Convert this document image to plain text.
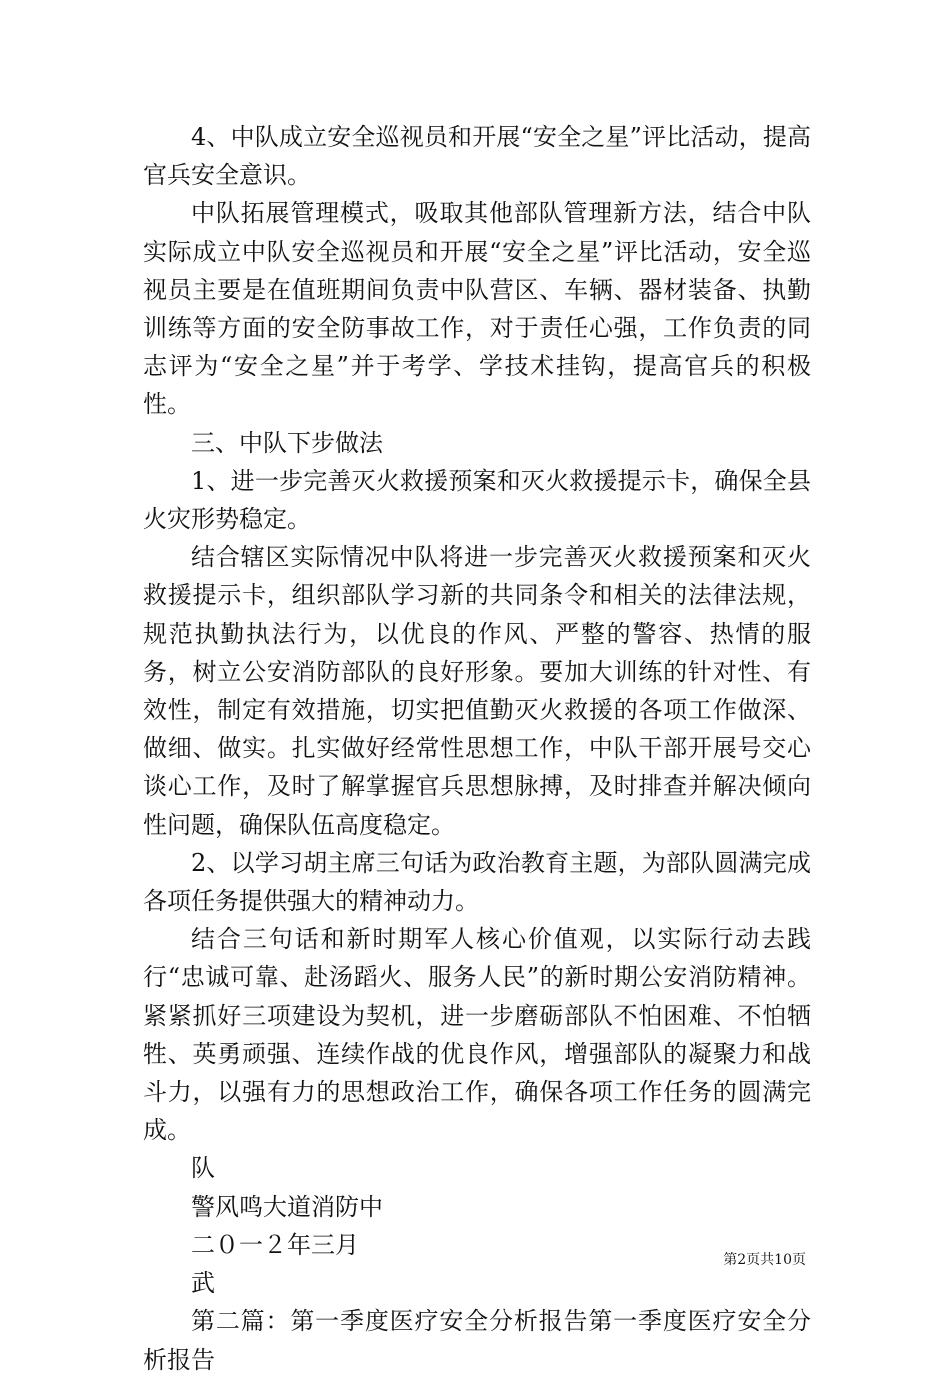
4、中队成立安全巡视员和开展“安全之星”评比活动，提高官兵安全意识。

中队拓展管理模式，吸取其他部队管理新方法，结合中队实际成立中队安全巡视员和开展“安全之星”评比活动，安全巡视员主要是在值班期间负责中队营区、车辆、器材装备、执勤训练等方面的安全防事故工作，对于责任心强，工作负责的同志评为“安全之星”并于考学、学技术挂钩，提高官兵的积极性。

三、中队下步做法

1、进一步完善灭火救援预案和灭火救援提示卡，确保全县火灾形势稳定。

结合辖区实际情况中队将进一步完善灭火救援预案和灭火救援提示卡，组织部队学习新的共同条令和相关的法律法规，规范执勤执法行为，以优良的作风、严整的警容、热情的服务，树立公安消防部队的良好形象。要加大训练的针对性、有效性，制定有效措施，切实把值勤灭火救援的各项工作做深、做细、做实。扎实做好经常性思想工作，中队干部开展号交心谈心工作，及时了解掌握官兵思想脉搏，及时排查并解决倾向性问题，确保队伍高度稳定。

2、以学习胡主席三句话为政治教育主题，为部队圆满完成各项任务提供强大的精神动力。

结合三句话和新时期军人核心价值观，以实际行动去践行“忠诚可靠、赴汤蹈火、服务人民”的新时期公安消防精神。紧紧抓好三项建设为契机，进一步磨砺部队不怕困难、不怕牺牲、英勇顽强、连续作战的优良作风，增强部队的凝聚力和战斗力，以强有力的思想政治工作，确保各项工作任务的圆满完成。

队

警风鸣大道消防中

二０一２年三月

武

第二篇：第一季度医疗安全分析报告第一季度医疗安全分析报告

第2页共10页
